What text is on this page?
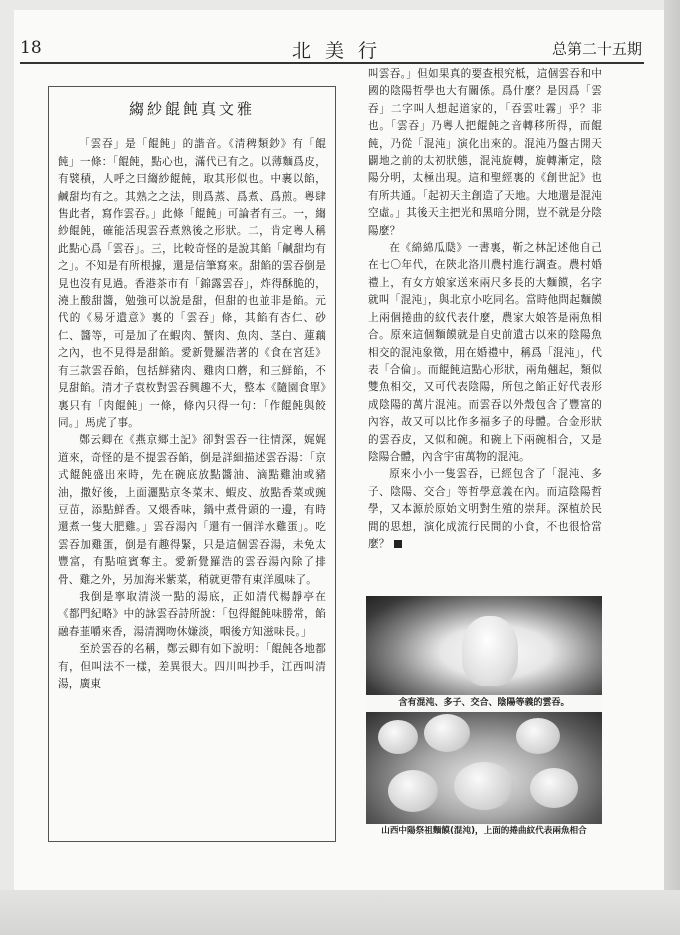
18	北美行	总第二十五期
縐紗餛飩真文雅

「雲吞」是「餛飩」的諧音。《清稗類鈔》有「餛飩」一條：「餛飩，點心也，滿代已有之。以薄麵爲皮，有襞積，人呼之曰縐紗餛飩，取其形似也。中裹以餡，鹹甜均有之。其熟之之法，則爲蒸、爲煮、爲煎。粵肆售此者，寫作雲吞。」此條「餛飩」可論者有三。一，縐紗餛飩，確能活現雲吞煮熟後之形狀。二，肯定粵人稱此點心爲「雲吞」。三，比較奇怪的是說其餡「鹹甜均有之」。不知是有所根據，還是信筆寫來。甜餡的雲吞倒是見也沒有見過。香港茶市有「錦露雲吞」，炸得酥脆的，澆上酸甜醬，勉強可以說是甜，但甜的也並非是餡。元代的《易牙遺意》裏的「雲吞」條，其餡有杏仁、砂仁、醬等，可是加了在蝦肉、蟹肉、魚肉、茎白、蓮藕之內，也不見得是甜餡。愛新覺羅浩著的《食在宮廷》有三款雲吞餡，包括鮮豬肉、雞肉口蘑，和三鮮餡，不見甜餡。清才子袁枚對雲吞興趣不大，整本《隨園食單》裏只有「肉餛飩」一條，條內只得一句：「作餛飩與餃同。」馬虎了事。

鄭云卿在《燕京鄉土記》卻對雲吞一往情深，娓娓道來，奇怪的是不提雲吞餡，倒是詳細描述雲吞湯：「京式餛飩盛出來時，先在碗底放點醬油、滴點雞油或豬油，撒好後，上面灑點京冬菜末、蝦皮、放點香菜或豌豆苗，添點鮮香。又煨香味，鍋中煮骨頭的一邊，有時還煮一隻大肥雞。」雲吞湯內「還有一個洋水雞蛋」。吃雲吞加雞蛋，倒是有趣得緊，只是這個雲吞湯，未免太豐富，有點喧賓奪主。愛新覺羅浩的雲吞湯內除了排骨、雞之外，另加海米紫菜，稍就更帶有東洋風味了。

我倒是寧取清淡一點的湯底，正如清代楊靜亭在《都門紀略》中的詠雲吞詩所說：「包得餛飩味勝常，餡融春韮嚼來香，湯清潤吻休嫌淡，咽後方知滋味長。」

至於雲吞的名稱，鄭云卿有如下說明：「餛飩各地都有，但叫法不一樣，差異很大。四川叫抄手，江西叫清湯，廣東

叫雲吞。」但如果真的要查根究柢，這個雲吞和中國的陰陽哲學也大有關係。爲什麼？是因爲「雲吞」二字叫人想起道家的，「吞雲吐霧」乎？非也。「雲吞」乃粵人把餛飩之音轉移所得，而餛飩，乃從「混沌」演化出來的。混沌乃盤古開天闢地之前的太初狀態，混沌旋轉，旋轉漸定，陰陽分明，太極出現。這和聖經裏的《創世記》也有所共通。「起初天主創造了天地。大地還是混沌空虛。」其後天主把光和黑暗分開，豈不就是分陰陽麼？

在《綿綿瓜瓞》一書裏，靳之林記述他自己在七〇年代，在陝北洛川農村進行調查。農村婚禮上，有女方娘家送來兩尺多長的大麵饃，名字就叫「混沌」，與北京小吃同名。當時他問起麵饃上兩個捲曲的紋代表什麼，農家大娘答是兩魚相合。原來這個麵饃就是自史前遺古以來的陰陽魚相交的混沌象徵，用在婚禮中，稱爲「混沌」，代表「合倫」。而餛飩這點心形狀，兩角翹起，類似雙魚相交，又可代表陰陽，所包之餡正好代表形成陰陽的萬片混沌。而雲吞以外殼包含了豐富的內容，故又可以比作多福多子的母體。合金形狀的雲吞皮，又似和碗。和碗上下兩碗相合，又是陰陽合體，內含宇宙萬物的混沌。

原來小小一隻雲吞，已經包含了「混沌、多子、陰陽、交合」等哲學意義在內。而這陰陽哲學，又本源於原始文明對生殖的崇拜。深植於民間的思想，演化成流行民間的小食，不也很恰當麼？

含有混沌、多子、交合、陰陽等義的雲吞。
山西中陽祭祖麵饃(混沌)，上面的捲曲紋代表兩魚相合
